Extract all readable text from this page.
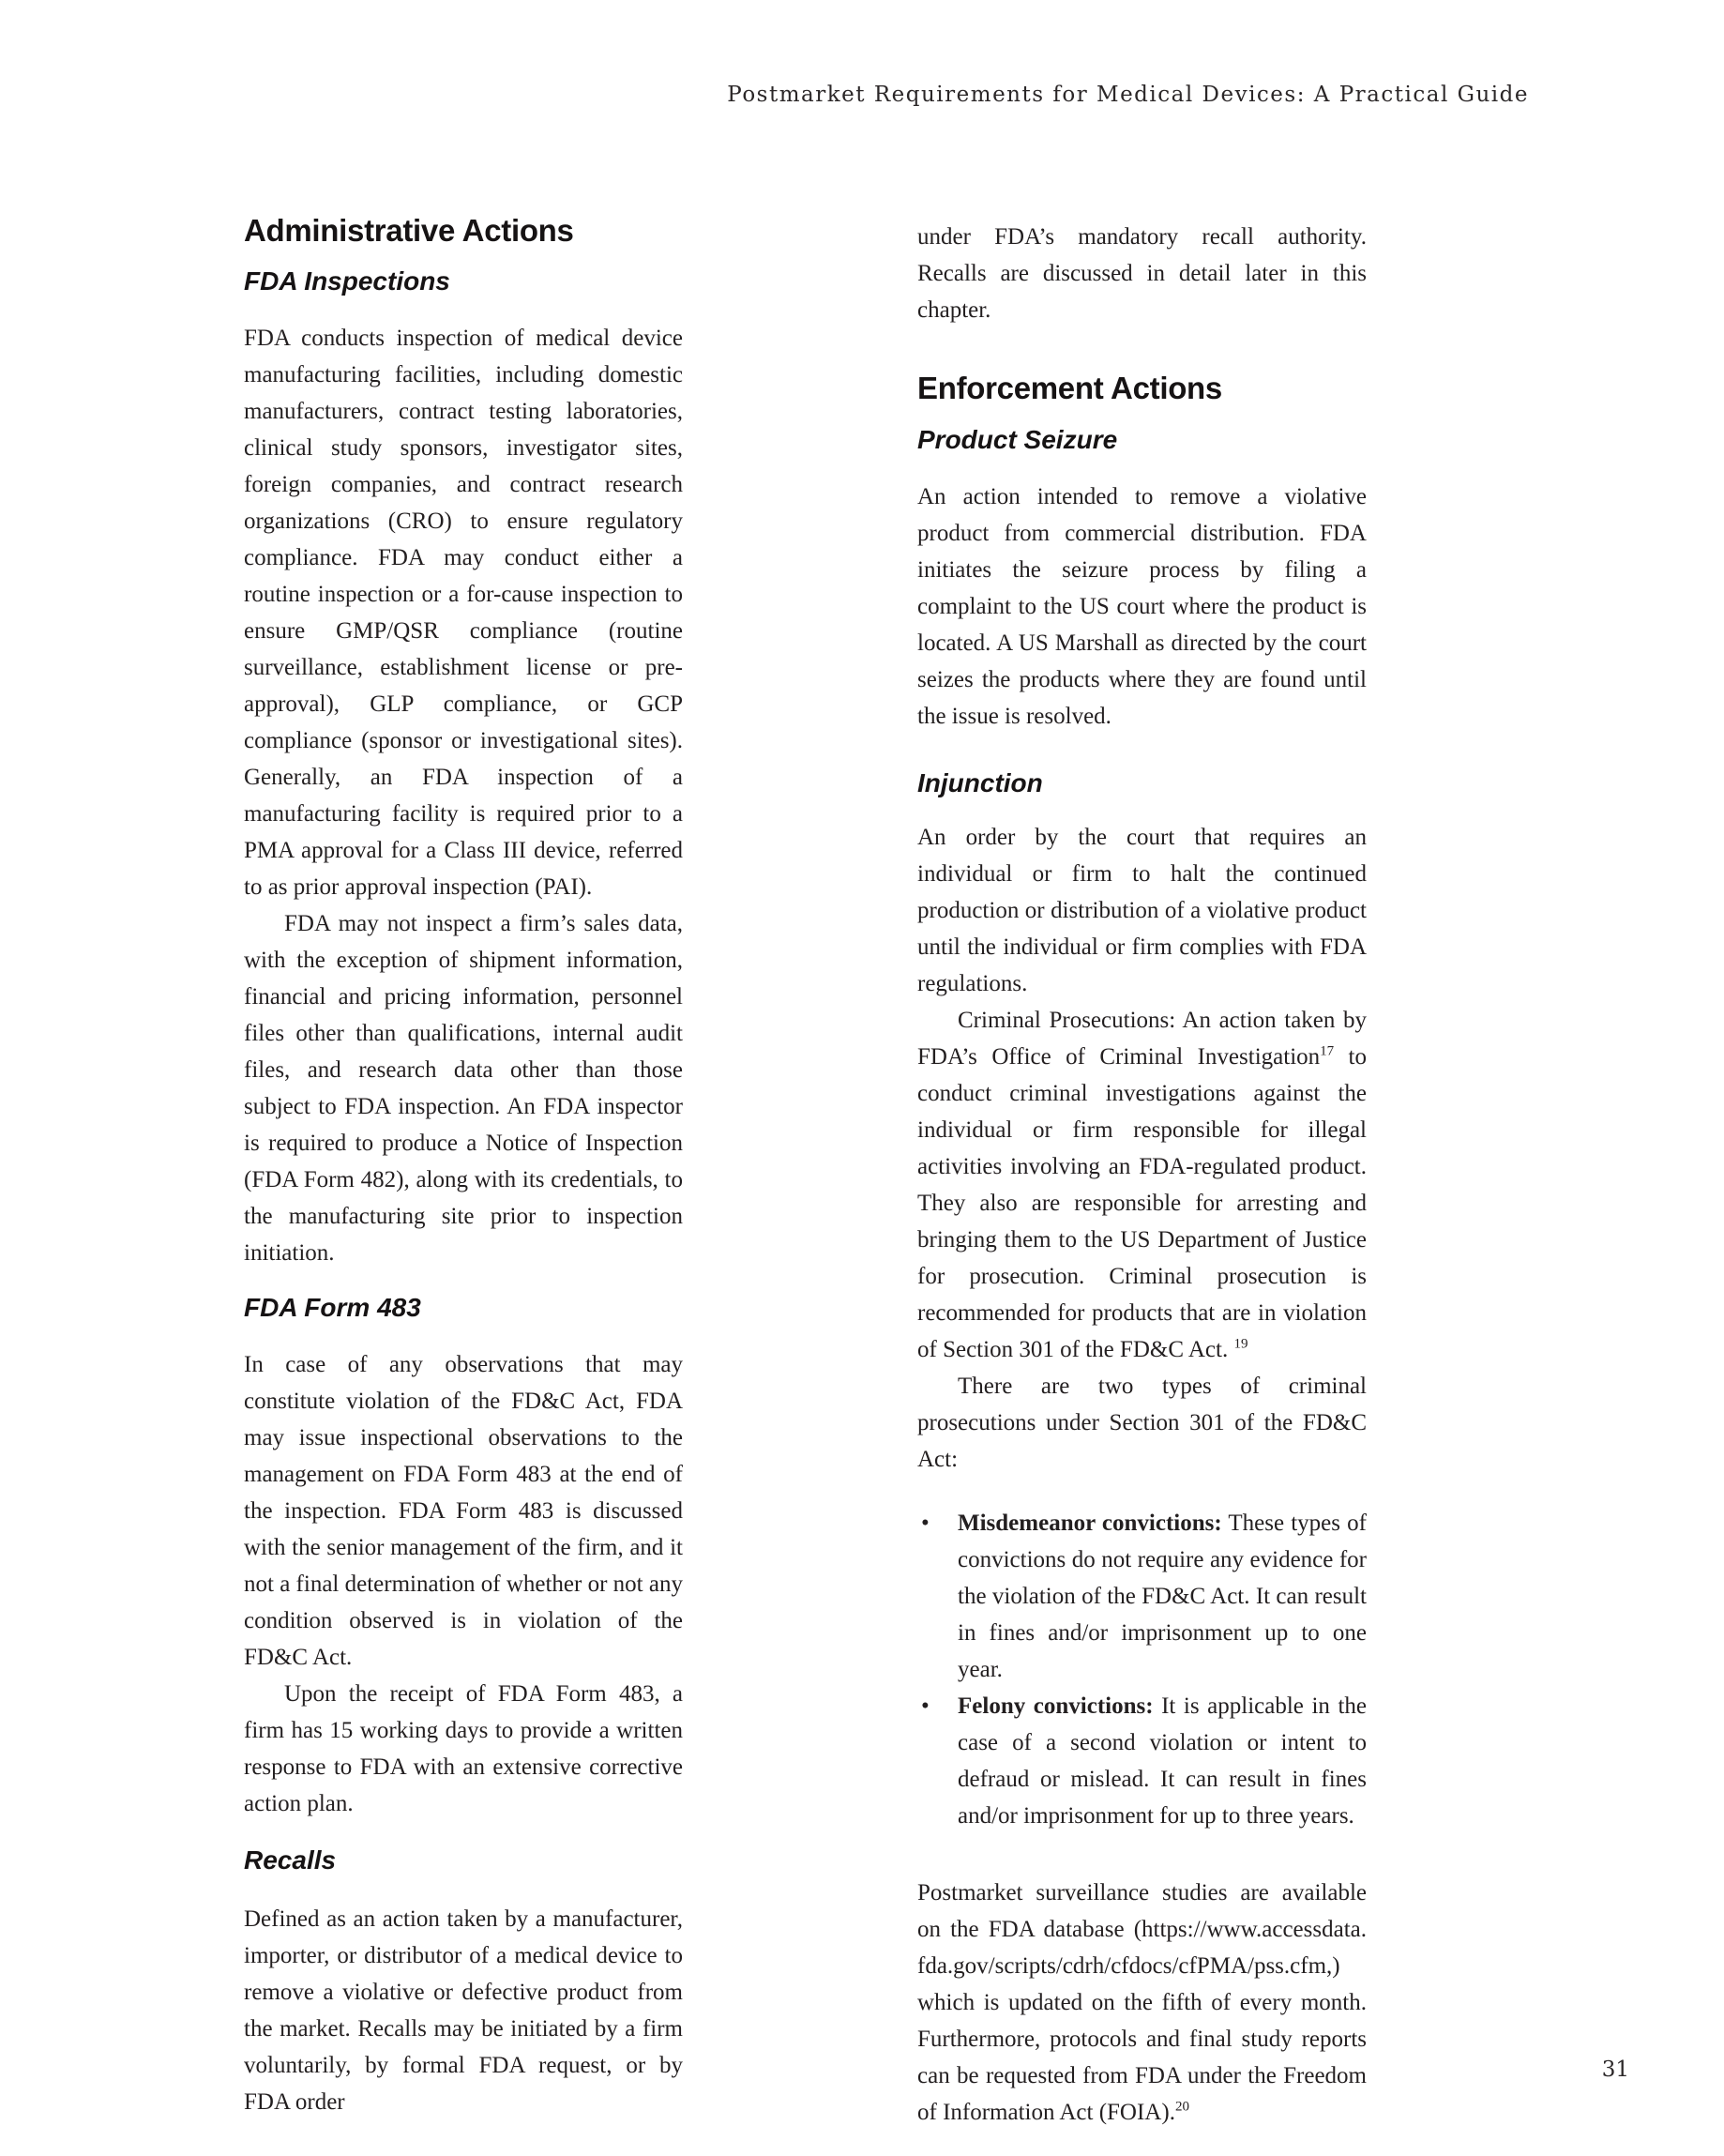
Postmarket Requirements for Medical Devices: A Practical Guide
Administrative Actions
FDA Inspections

FDA conducts inspection of medical device manufacturing facilities, including domestic manufacturers, contract testing laboratories, clinical study sponsors, investigator sites, foreign companies, and contract research organizations (CRO) to ensure regulatory compliance. FDA may conduct either a routine inspection or a for-cause inspection to ensure GMP/QSR compliance (routine surveillance, establishment license or pre-approval), GLP compliance, or GCP compliance (sponsor or investigational sites). Generally, an FDA inspection of a manufacturing facility is required prior to a PMA approval for a Class III device, referred to as prior approval inspection (PAI).

FDA may not inspect a firm’s sales data, with the exception of shipment information, financial and pricing information, personnel files other than qualifications, internal audit files, and research data other than those subject to FDA inspection. An FDA inspector is required to produce a Notice of Inspection (FDA Form 482), along with its credentials, to the manufacturing site prior to inspection initiation.

FDA Form 483

In case of any observations that may constitute violation of the FD&C Act, FDA may issue inspectional observations to the management on FDA Form 483 at the end of the inspection. FDA Form 483 is discussed with the senior management of the firm, and it not a final determination of whether or not any condition observed is in violation of the FD&C Act.

Upon the receipt of FDA Form 483, a firm has 15 working days to provide a written response to FDA with an extensive corrective action plan.

Recalls

Defined as an action taken by a manufacturer, importer, or distributor of a medical device to remove a violative or defective product from the market. Recalls may be initiated by a firm voluntarily, by formal FDA request, or by FDA order

under FDA’s mandatory recall authority. Recalls are discussed in detail later in this chapter.

Enforcement Actions
Product Seizure

An action intended to remove a violative product from commercial distribution. FDA initiates the seizure process by filing a complaint to the US court where the product is located. A US Marshall as directed by the court seizes the products where they are found until the issue is resolved.

Injunction

An order by the court that requires an individual or firm to halt the continued production or distribution of a violative product until the individual or firm complies with FDA regulations.

Criminal Prosecutions: An action taken by FDA’s Office of Criminal Investigation$^{17}$ to conduct criminal investigations against the individual or firm responsible for illegal activities involving an FDA-regulated product. They also are responsible for arresting and bringing them to the US Department of Justice for prosecution. Criminal prosecution is recommended for products that are in violation of Section 301 of the FD&C Act. $^{19}$

There are two types of criminal prosecutions under Section 301 of the FD&C Act:

• Misdemeanor convictions: These types of convictions do not require any evidence for the violation of the FD&C Act. It can result in fines and/or imprisonment up to one year.
• Felony convictions: It is applicable in the case of a second violation or intent to defraud or mislead. It can result in fines and/or imprisonment for up to three years.

Postmarket surveillance studies are available on the FDA database (https://www.accessdata. fda.gov/scripts/cdrh/cfdocs/cfPMA/pss.cfm,) which is updated on the fifth of every month. Furthermore, protocols and final study reports can be requested from FDA under the Freedom of Information Act (FOIA).$^{20}$

31
